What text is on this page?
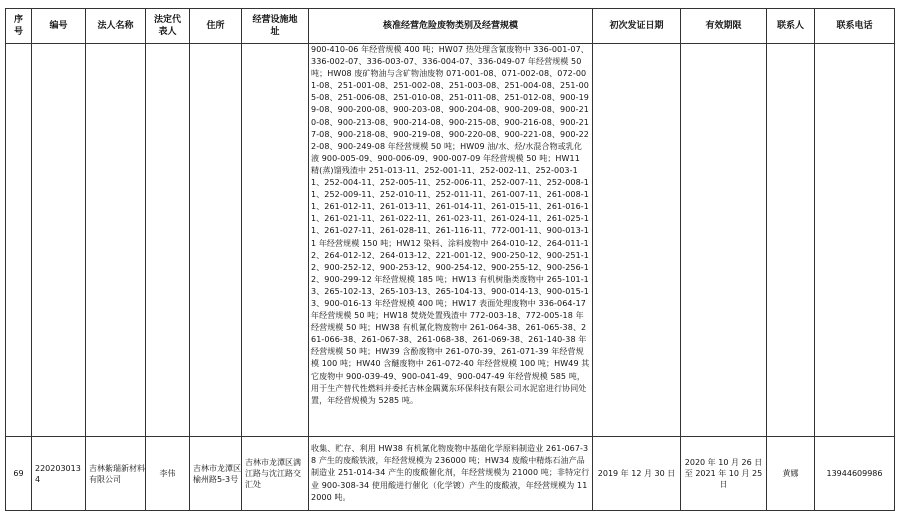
序号	编号	法人名称	法定代表人	住所	经营设施地址	核准经营危险废物类别及经营规模	初次发证日期	有效期限	联系人	联系电话

						900-410-06 年经营规模 400 吨；HW07 热处理含氰废物中 336-001-07、336-002-07、336-003-07、336-004-07、336-049-07 年经营规模 50吨；HW08 废矿物油与含矿物油废物 071-001-08、071-002-08、072-001-08、251-001-08、251-002-08、251-003-08、251-004-08、251-005-08、251-006-08、251-010-08、251-011-08、251-012-08、900-199-08、900-200-08、900-203-08、900-204-08、900-209-08、900-210-08、900-213-08、900-214-08、900-215-08、900-216-08、900-217-08、900-218-08、900-219-08、900-220-08、900-221-08、900-222-08、900-249-08 年经营规模 50 吨；HW09 油/水、烃/水混合物或乳化液 900-005-09、900-006-09、900-007-09 年经营规模 50 吨；HW11 精(蒸)馏残渣中 251-013-11、252-001-11、252-002-11、252-003-11、252-004-11、252-005-11、252-006-11、252-007-11、252-008-11、252-009-11、252-010-11、252-011-11、261-007-11、261-008-11、261-012-11、261-013-11、261-014-11、261-015-11、261-016-11、261-021-11、261-022-11、261-023-11、261-024-11、261-025-11、261-027-11、261-028-11、261-116-11、772-001-11、900-013-11 年经营规模 150 吨；HW12 染料、涂料废物中 264-010-12、264-011-12、264-012-12、264-013-12、221-001-12、900-250-12、900-251-12、900-252-12、900-253-12、900-254-12、900-255-12、900-256-12、900-299-12 年经营规模 185 吨；HW13 有机树脂类废物中 265-101-13、265-102-13、265-103-13、265-104-13、900-014-13、900-015-13、900-016-13 年经营规模 400 吨；HW17 表面处理废物中 336-064-17 年经营规模 50 吨；HW18 焚烧处置残渣中 772-003-18、772-005-18 年经营规模 50 吨；HW38 有机氰化物废物中 261-064-38、261-065-38、261-066-38、261-067-38、261-068-38、261-069-38、261-140-38 年经营规模 50 吨；HW39 含酚废物中 261-070-39、261-071-39 年经营规模 100 吨；HW40 含醚废物中 261-072-40 年经营规模 100 吨；HW49 其它废物中 900-039-49、900-041-49、900-047-49 年经营规模 585 吨，用于生产替代性燃料并委托吉林金隅冀东环保科技有限公司水泥窑进行协同处置，年经营规模为 5285 吨。				

69	2202030134	吉林紫瑞新材料有限公司	李伟	吉林市龙潭区榆州路5-3号	吉林市龙潭区满江路与沈江路交汇处	收集、贮存、利用 HW38 有机氰化物废物中基础化学原料制造业 261-067-38 产生的废酸铁液，年经营规模为 236000 吨；HW34 废酸中精炼石油产品制造业 251-014-34 产生的废酸催化剂，年经营规模为 21000 吨；非特定行业 900-308-34 使用酸进行催化（化学镀）产生的废酸液，年经营规模为 112000 吨。	2019 年 12 月 30 日	2020 年 10 月 26 日至 2021 年 10 月 25 日	黄娜	13944609986
